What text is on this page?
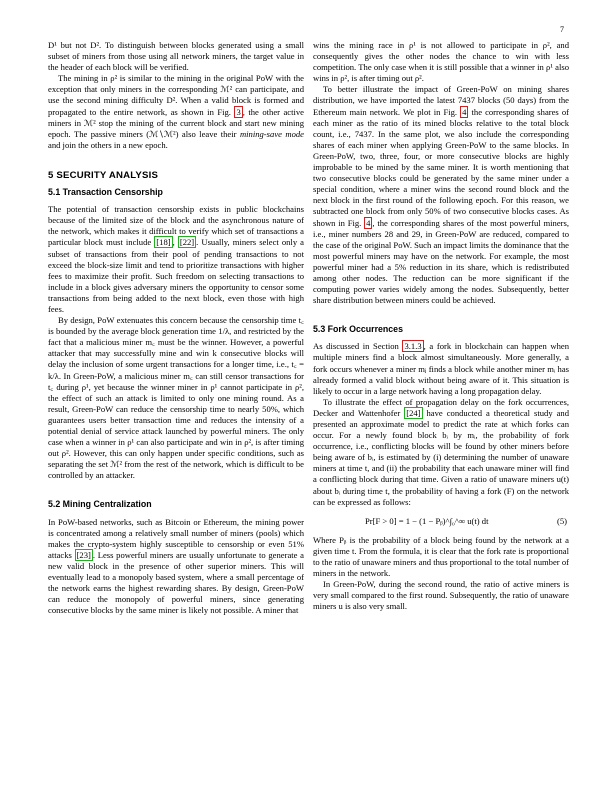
7

D¹ but not D². To distinguish between blocks generated using a small subset of miners from those using all network miners, the target value in the header of each block will be verified.

The mining in ρ² is similar to the mining in the original PoW with the exception that only miners in the corresponding ℳ² can participate, and use the second mining difficulty D². When a valid block is formed and propagated to the entire network, as shown in Fig. 3 , the other active miners in ℳ² stop the mining of the current block and start new mining epoch. The passive miners (ℳ∖ℳ²) also leave their mining-save mode and join the others in a new epoch.

5 SECURITY ANALYSIS
5.1 Transaction Censorship

The potential of transaction censorship exists in public blockchains because of the limited size of the block and the asynchronous nature of the network, which makes it difficult to verify which set of transactions a particular block must include [18] , [22] . Usually, miners select only a subset of transactions from their pool of pending transactions to not exceed the block-size limit and tend to prioritize transactions with higher fees to maximize their profit. Such freedom on selecting transactions to include in a block gives adversary miners the opportunity to censor some transactions from being added to the next block, even those with high fees.

By design, PoW extenuates this concern because the censorship time t꜀ is bounded by the average block generation time 1/λ, and restricted by the fact that a malicious miner m꜀ must be the winner. However, a powerful attacker that may successfully mine and win k consecutive blocks will delay the inclusion of some urgent transactions for a longer time, i.e., t꜀ = k/λ. In Green-PoW, a malicious miner m꜀ can still censor transactions for t꜀ during ρ¹, yet because the winner miner in ρ¹ cannot participate in ρ², the effect of such an attack is limited to only one mining round. As a result, Green-PoW can reduce the censorship time to nearly 50%, which guarantees users better transaction time and reduces the intensity of a potential denial of service attack launched by powerful miners. The only case when a winner in ρ¹ can also participate and win in ρ², is after timing out ρ². However, this can only happen under specific conditions, such as separating the set ℳ² from the rest of the network, which is difficult to be controlled by an attacker.

5.2 Mining Centralization

In PoW-based networks, such as Bitcoin or Ethereum, the mining power is concentrated among a relatively small number of miners (pools) which makes the crypto-system highly susceptible to censorship or even 51% attacks [23] . Less powerful miners are usually unfortunate to generate a new valid block in the presence of other superior miners. This will eventually lead to a monopoly based system, where a small percentage of the network earns the highest rewarding shares. By design, Green-PoW can reduce the monopoly of powerful miners, since generating consecutive blocks by the same miner is likely not possible. A miner that

wins the mining race in ρ¹ is not allowed to participate in ρ², and consequently gives the other nodes the chance to win with less competition. The only case when it is still possible that a winner in ρ¹ also wins in ρ², is after timing out ρ².

To better illustrate the impact of Green-PoW on mining shares distribution, we have imported the latest 7437 blocks (50 days) from the Ethereum main network. We plot in Fig. 4 the corresponding shares of each miner as the ratio of its mined blocks relative to the total block count, i.e., 7437. In the same plot, we also include the corresponding shares of each miner when applying Green-PoW to the same blocks. In Green-PoW, two, three, four, or more consecutive blocks are highly improbable to be mined by the same miner. It is worth mentioning that two consecutive blocks could be generated by the same miner under a special condition, where a miner wins the second round block and the next block in the first round of the following epoch. For this reason, we subtracted one block from only 50% of two consecutive blocks cases. As shown in Fig. 4 , the corresponding shares of the most powerful miners, i.e., miner numbers 28 and 29, in Green-PoW are reduced, compared to the case of the original PoW. Such an impact limits the dominance that the most powerful miners may have on the network. For example, the most powerful miner had a 5% reduction in its share, which is redistributed among other nodes. The reduction can be more significant if the computing power varies widely among the nodes. Subsequently, better share distribution between miners could be achieved.

5.3 Fork Occurrences

As discussed in Section 3.1.3 , a fork in blockchain can happen when multiple miners find a block almost simultaneously. More generally, a fork occurs whenever a miner mⱼ finds a block while another miner mᵢ has already formed a valid block without being aware of it. This situation is likely to occur in a large network having a long propagation delay.

To illustrate the effect of propagation delay on the fork occurrences, Decker and Wattenhofer [24] have conducted a theoretical study and presented an approximate model to predict the rate at which forks can occur. For a newly found block bᵢ by mᵢ, the probability of fork occurrence, i.e., conflicting blocks will be found by other miners before being aware of bᵢ, is estimated by (i) determining the number of unaware miners at time t, and (ii) the probability that each unaware miner will find a conflicting block during that time. Given a ratio of unaware miners u(t) about bᵢ during time t, the probability of having a fork (F) on the network can be expressed as follows:

Pr[F > 0] = 1 − (1 − Pᵦ)^∫₀^∞ u(t) dt	(5)

Where Pᵦ is the probability of a block being found by the network at a given time t. From the formula, it is clear that the fork rate is proportional to the ratio of unaware miners and thus proportional to the total number of miners in the network.

In Green-PoW, during the second round, the ratio of active miners is very small compared to the first round. Subsequently, the ratio of unaware miners u is also very small.
